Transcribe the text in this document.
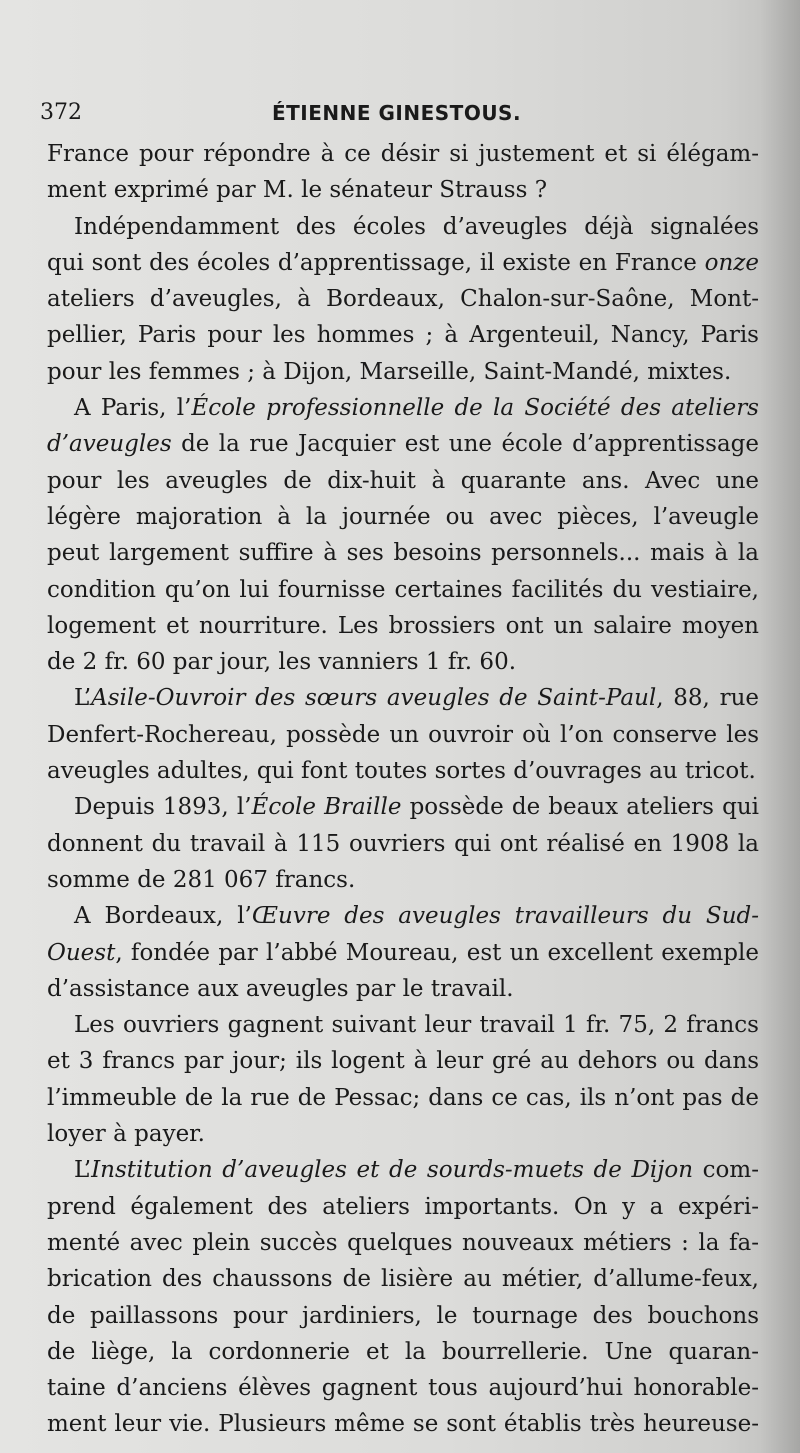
372	ÉTIENNE GINESTOUS.
France pour répondre à ce désir si justement et si élégam-
ment exprimé par M. le sénateur Strauss ?
Indépendamment des écoles d’aveugles déjà signalées
qui sont des écoles d’apprentissage, il existe en France onze
ateliers d’aveugles, à Bordeaux, Chalon-sur-Saône, Mont-
pellier, Paris pour les hommes ; à Argenteuil, Nancy, Paris
pour les femmes ; à Dijon, Marseille, Saint-Mandé, mixtes.
A Paris, l’École professionnelle de la Société des ateliers
d’aveugles de la rue Jacquier est une école d’apprentissage
pour les aveugles de dix-huit à quarante ans. Avec une
légère majoration à la journée ou avec pièces, l’aveugle
peut largement suffire à ses besoins personnels... mais à la
condition qu’on lui fournisse certaines facilités du vestiaire,
logement et nourriture. Les brossiers ont un salaire moyen
de 2 fr. 60 par jour, les vanniers 1 fr. 60.
L’Asile-Ouvroir des sœurs aveugles de Saint-Paul, 88, rue
Denfert-Rochereau, possède un ouvroir où l’on conserve les
aveugles adultes, qui font toutes sortes d’ouvrages au tricot.
Depuis 1893, l’École Braille possède de beaux ateliers qui
donnent du travail à 115 ouvriers qui ont réalisé en 1908 la
somme de 281 067 francs.
A Bordeaux, l’Œuvre des aveugles travailleurs du Sud-
Ouest, fondée par l’abbé Moureau, est un excellent exemple
d’assistance aux aveugles par le travail.
Les ouvriers gagnent suivant leur travail 1 fr. 75, 2 francs
et 3 francs par jour; ils logent à leur gré au dehors ou dans
l’immeuble de la rue de Pessac; dans ce cas, ils n’ont pas de
loyer à payer.
L’Institution d’aveugles et de sourds-muets de Dijon com-
prend également des ateliers importants. On y a expéri-
menté avec plein succès quelques nouveaux métiers : la fa-
brication des chaussons de lisière au métier, d’allume-feux,
de paillassons pour jardiniers, le tournage des bouchons
de liège, la cordonnerie et la bourrellerie. Une quaran-
taine d’anciens élèves gagnent tous aujourd’hui honorable-
ment leur vie. Plusieurs même se sont établis très heureuse-
